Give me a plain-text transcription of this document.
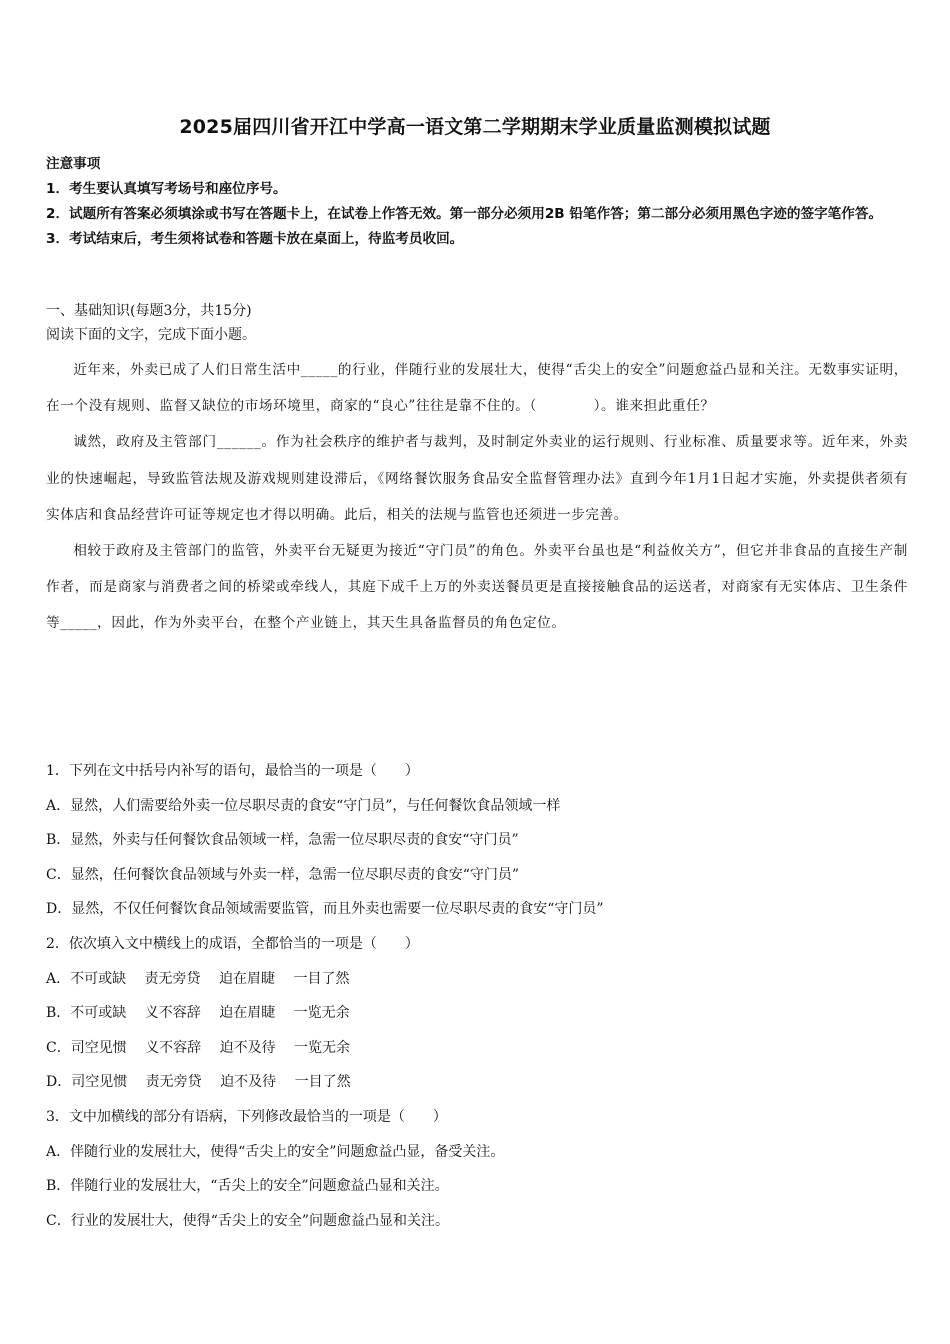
2025届四川省开江中学高一语文第二学期期末学业质量监测模拟试题

注意事项

1．考生要认真填写考场号和座位序号。

2．试题所有答案必须填涂或书写在答题卡上，在试卷上作答无效。第一部分必须用2B 铅笔作答；第二部分必须用黑色字迹的签字笔作答。

3．考试结束后，考生须将试卷和答题卡放在桌面上，待监考员收回。

一、基础知识(每题3分，共15分)
阅读下面的文字，完成下面小题。

近年来，外卖已成了人们日常生活中_____的行业，伴随行业的发展壮大，使得“舌尖上的安全”问题愈益凸显和关注。无数事实证明，在一个没有规则、监督又缺位的市场环境里，商家的“良心”往往是靠不住的。（　　　　）。谁来担此重任？

诚然，政府及主管部门______。作为社会秩序的维护者与裁判，及时制定外卖业的运行规则、行业标准、质量要求等。近年来，外卖业的快速崛起，导致监管法规及游戏规则建设滞后，《网络餐饮服务食品安全监督管理办法》直到今年1月1日起才实施，外卖提供者须有实体店和食品经营许可证等规定也才得以明确。此后，相关的法规与监管也还须进一步完善。

相较于政府及主管部门的监管，外卖平台无疑更为接近“守门员”的角色。外卖平台虽也是“利益攸关方”，但它并非食品的直接生产制作者，而是商家与消费者之间的桥梁或牵线人，其庭下成千上万的外卖送餐员更是直接接触食品的运送者，对商家有无实体店、卫生条件等_____，因此，作为外卖平台，在整个产业链上，其天生具备监督员的角色定位。

1．下列在文中括号内补写的语句，最恰当的一项是（　　）

A．显然，人们需要给外卖一位尽职尽责的食安“守门员”，与任何餐饮食品领域一样

B．显然，外卖与任何餐饮食品领域一样，急需一位尽职尽责的食安“守门员”

C．显然，任何餐饮食品领域与外卖一样，急需一位尽职尽责的食安“守门员”

D．显然，不仅任何餐饮食品领域需要监管，而且外卖也需要一位尽职尽责的食安“守门员”

2．依次填入文中横线上的成语，全都恰当的一项是（　　）

A．不可或缺　 责无旁贷　 迫在眉睫　 一目了然

B．不可或缺　 义不容辞　 迫在眉睫　 一览无余

C．司空见惯　 义不容辞　 迫不及待　 一览无余

D．司空见惯　 责无旁贷　 迫不及待　 一目了然

3．文中加横线的部分有语病，下列修改最恰当的一项是（　　）

A．伴随行业的发展壮大，使得“舌尖上的安全”问题愈益凸显，备受关注。

B．伴随行业的发展壮大，“舌尖上的安全”问题愈益凸显和关注。

C．行业的发展壮大，使得“舌尖上的安全”问题愈益凸显和关注。
